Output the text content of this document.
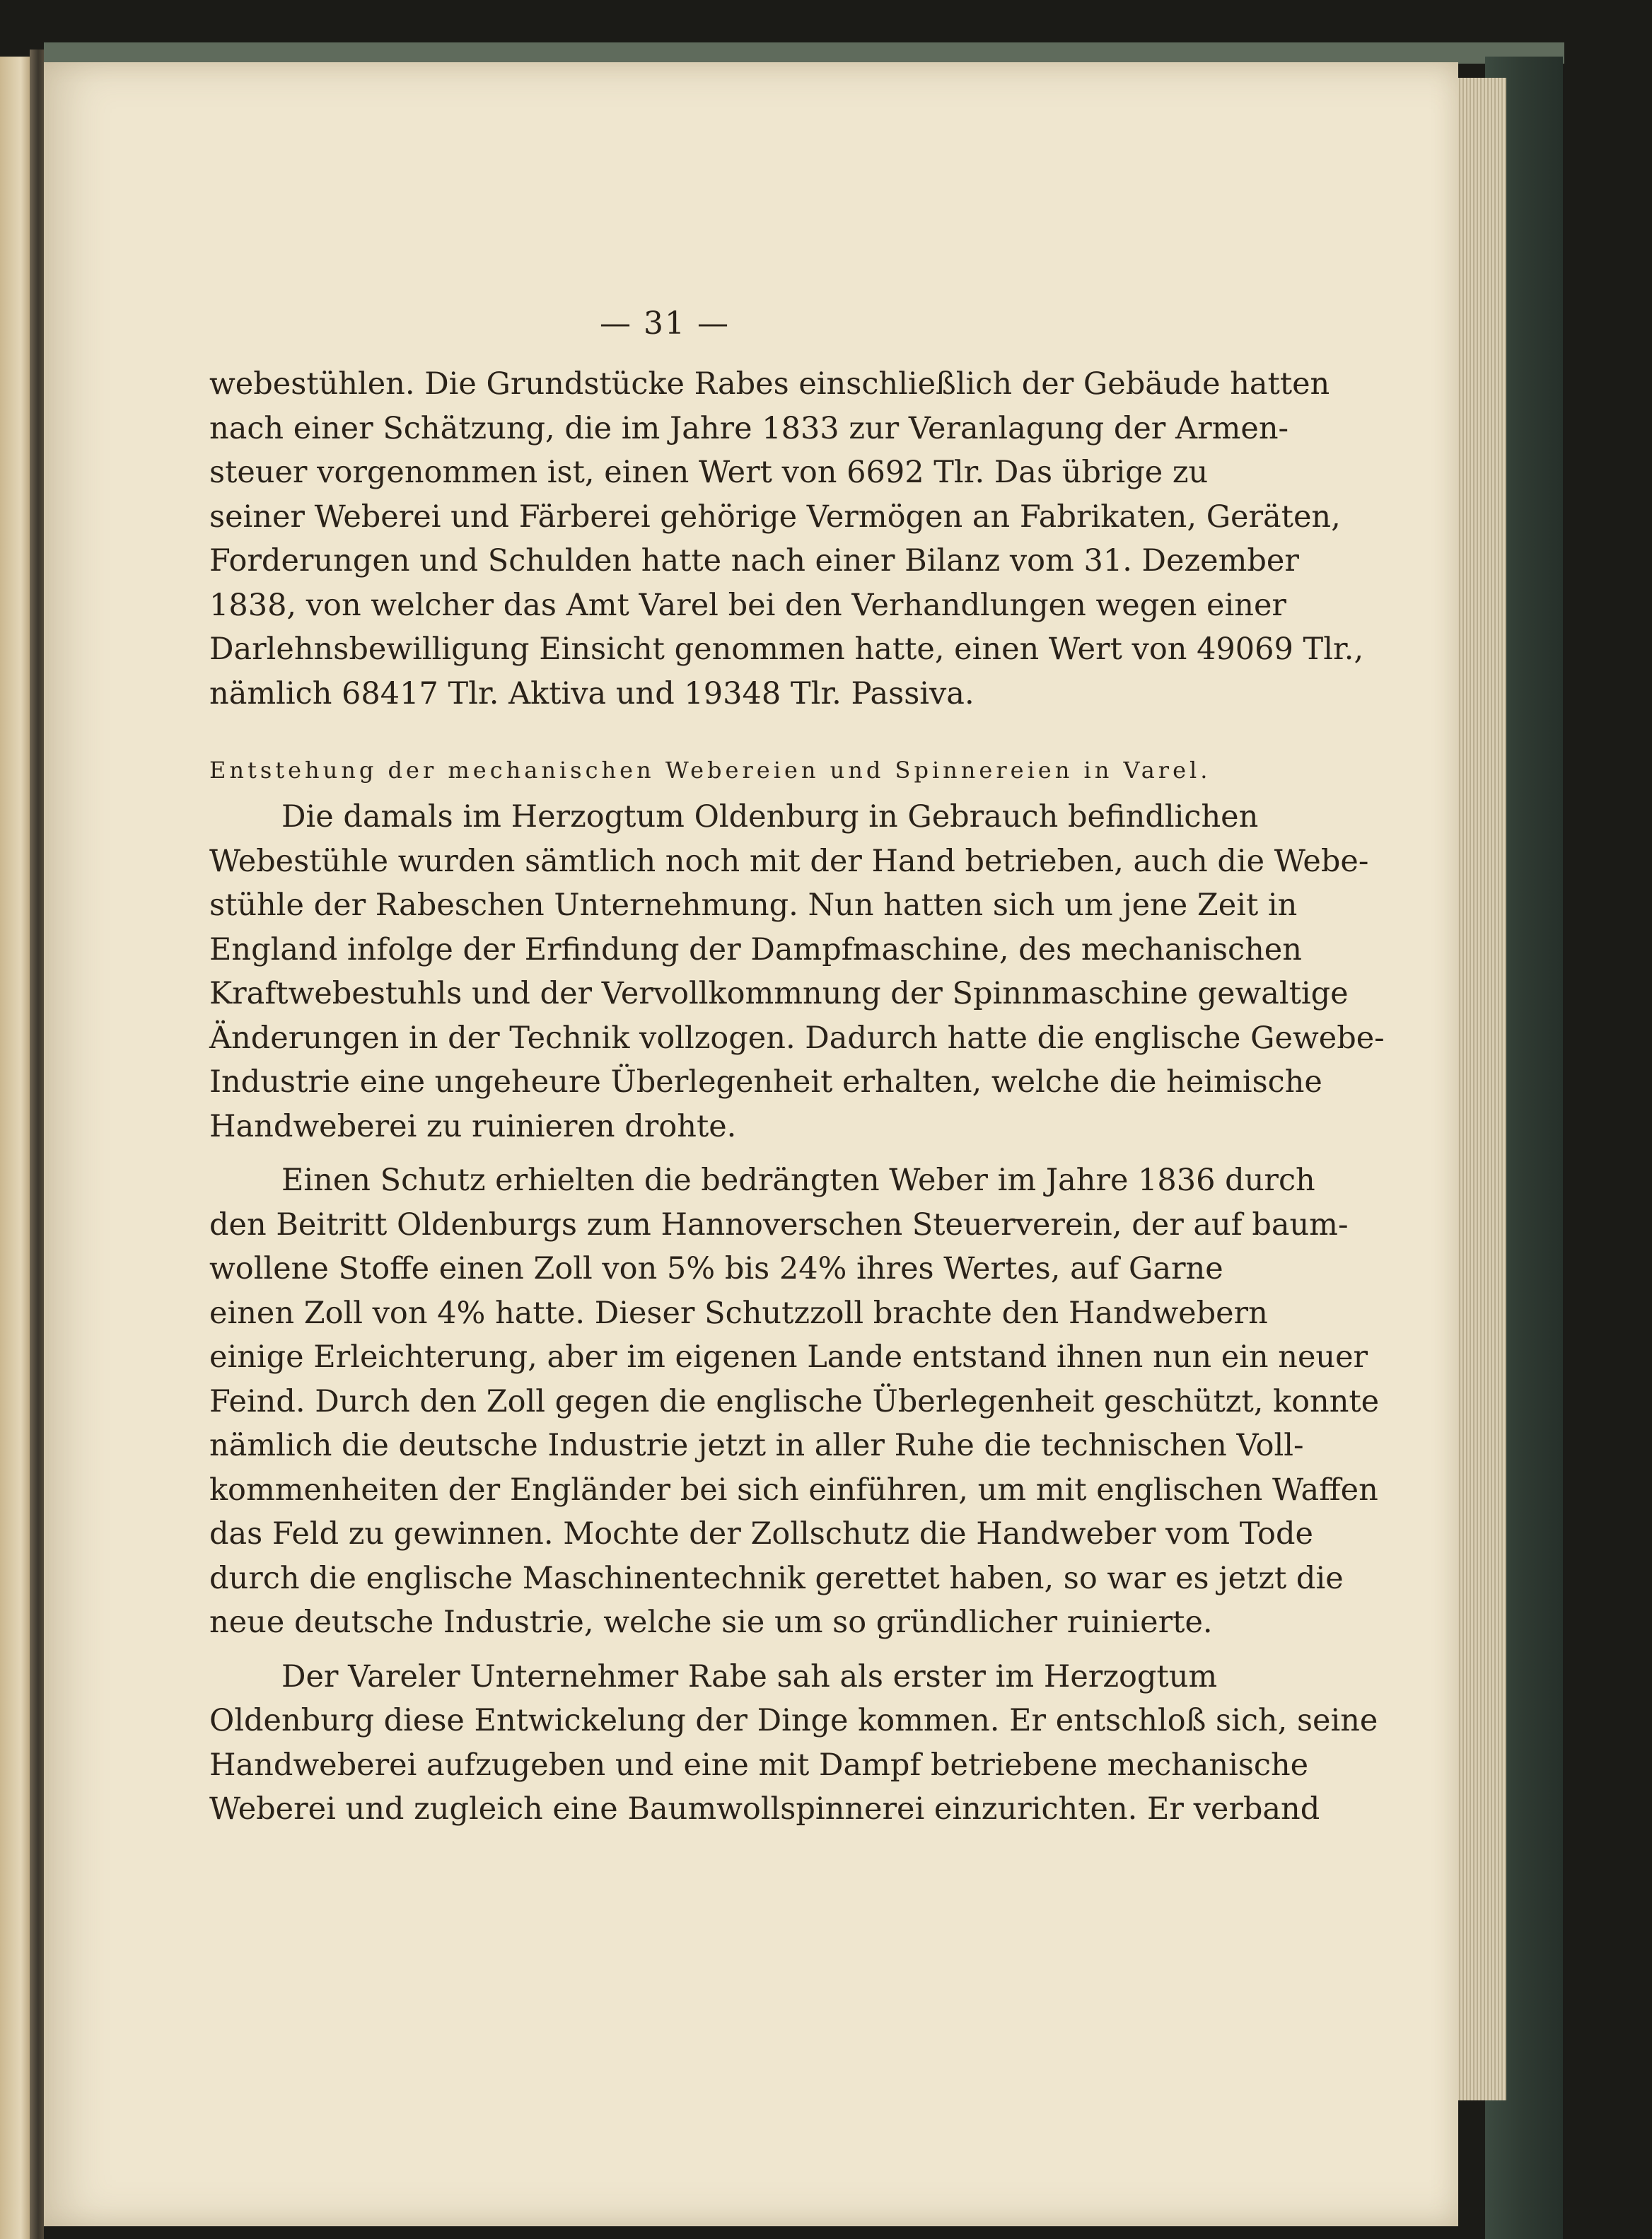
— 31 —
webestühlen. Die Grundstücke Rabes einschließlich der Gebäude hatten
nach einer Schätzung, die im Jahre 1833 zur Veranlagung der Armen-
steuer vorgenommen ist, einen Wert von 6692 Tlr. Das übrige zu
seiner Weberei und Färberei gehörige Vermögen an Fabrikaten, Geräten,
Forderungen und Schulden hatte nach einer Bilanz vom 31. Dezember
1838, von welcher das Amt Varel bei den Verhandlungen wegen einer
Darlehnsbewilligung Einsicht genommen hatte, einen Wert von 49069 Tlr.,
nämlich 68417 Tlr. Aktiva und 19348 Tlr. Passiva.
Entstehung der mechanischen Webereien und Spinnereien in Varel.
Die damals im Herzogtum Oldenburg in Gebrauch befindlichen
Webestühle wurden sämtlich noch mit der Hand betrieben, auch die Webe-
stühle der Rabeschen Unternehmung. Nun hatten sich um jene Zeit in
England infolge der Erfindung der Dampfmaschine, des mechanischen
Kraftwebestuhls und der Vervollkommnung der Spinnmaschine gewaltige
Änderungen in der Technik vollzogen. Dadurch hatte die englische Gewebe-
Industrie eine ungeheure Überlegenheit erhalten, welche die heimische
Handweberei zu ruinieren drohte.
Einen Schutz erhielten die bedrängten Weber im Jahre 1836 durch
den Beitritt Oldenburgs zum Hannoverschen Steuerverein, der auf baum-
wollene Stoffe einen Zoll von 5% bis 24% ihres Wertes, auf Garne
einen Zoll von 4% hatte. Dieser Schutzzoll brachte den Handwebern
einige Erleichterung, aber im eigenen Lande entstand ihnen nun ein neuer
Feind. Durch den Zoll gegen die englische Überlegenheit geschützt, konnte
nämlich die deutsche Industrie jetzt in aller Ruhe die technischen Voll-
kommenheiten der Engländer bei sich einführen, um mit englischen Waffen
das Feld zu gewinnen. Mochte der Zollschutz die Handweber vom Tode
durch die englische Maschinentechnik gerettet haben, so war es jetzt die
neue deutsche Industrie, welche sie um so gründlicher ruinierte.
Der Vareler Unternehmer Rabe sah als erster im Herzogtum
Oldenburg diese Entwickelung der Dinge kommen. Er entschloß sich, seine
Handweberei aufzugeben und eine mit Dampf betriebene mechanische
Weberei und zugleich eine Baumwollspinnerei einzurichten. Er verband
